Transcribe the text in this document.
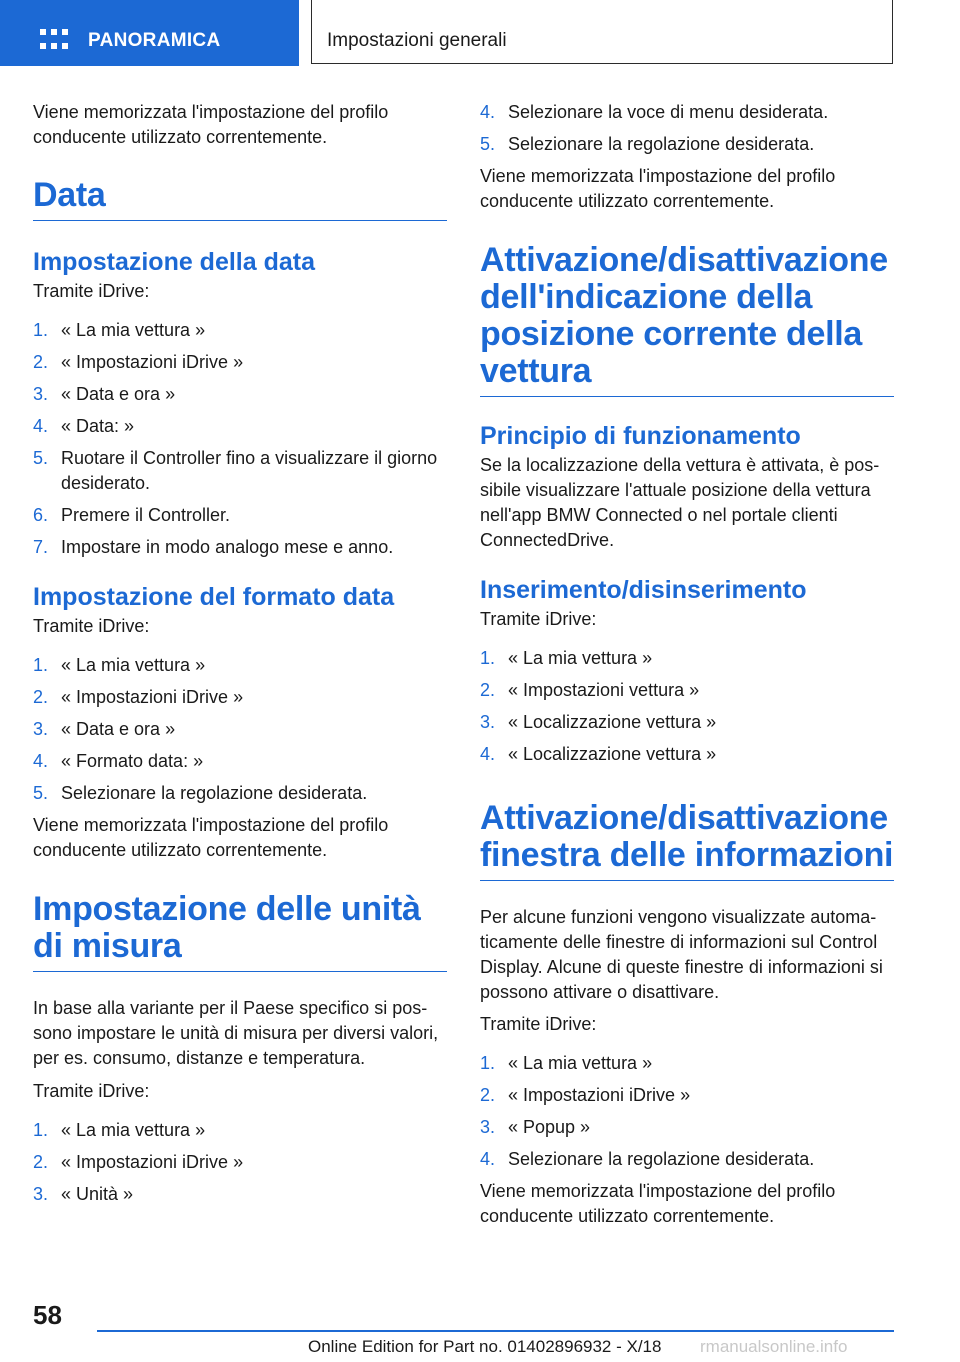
PANORAMICA	Impostazioni generali

Viene memorizzata l'impostazione del profilo conducente utilizzato correntemente.

Data
Impostazione della data

Tramite iDrive:

1. « La mia vettura »
2. « Impostazioni iDrive »
3. « Data e ora »
4. « Data: »
5. Ruotare il Controller fino a visualizzare il giorno desiderato.
6. Premere il Controller.
7. Impostare in modo analogo mese e anno.
Impostazione del formato data

Tramite iDrive:

1. « La mia vettura »
2. « Impostazioni iDrive »
3. « Data e ora »
4. « Formato data: »
5. Selezionare la regolazione desiderata.

Viene memorizzata l'impostazione del profilo conducente utilizzato correntemente.

Impostazione delle unità di misura

In base alla variante per il Paese specifico si possono impostare le unità di misura per diversi valori, per es. consumo, distanze e temperatura.

Tramite iDrive:

1. « La mia vettura »
2. « Impostazioni iDrive »
3. « Unità »
4. Selezionare la voce di menu desiderata.
5. Selezionare la regolazione desiderata.

Viene memorizzata l'impostazione del profilo conducente utilizzato correntemente.

Attivazione/disattivazione dell'indicazione della posizione corrente della vettura
Principio di funzionamento

Se la localizzazione della vettura è attivata, è possibile visualizzare l'attuale posizione della vettura nell'app BMW Connected o nel portale clienti ConnectedDrive.

Inserimento/disinserimento

Tramite iDrive:

1. « La mia vettura »
2. « Impostazioni vettura »
3. « Localizzazione vettura »
4. « Localizzazione vettura »
Attivazione/disattivazione finestra delle informazioni

Per alcune funzioni vengono visualizzate automaticamente delle finestre di informazioni sul Control Display. Alcune di queste finestre di informazioni si possono attivare o disattivare.

Tramite iDrive:

1. « La mia vettura »
2. « Impostazioni iDrive »
3. « Popup »
4. Selezionare la regolazione desiderata.

Viene memorizzata l'impostazione del profilo conducente utilizzato correntemente.

58
Online Edition for Part no. 01402896932 - X/18 rmanualsonline.info
